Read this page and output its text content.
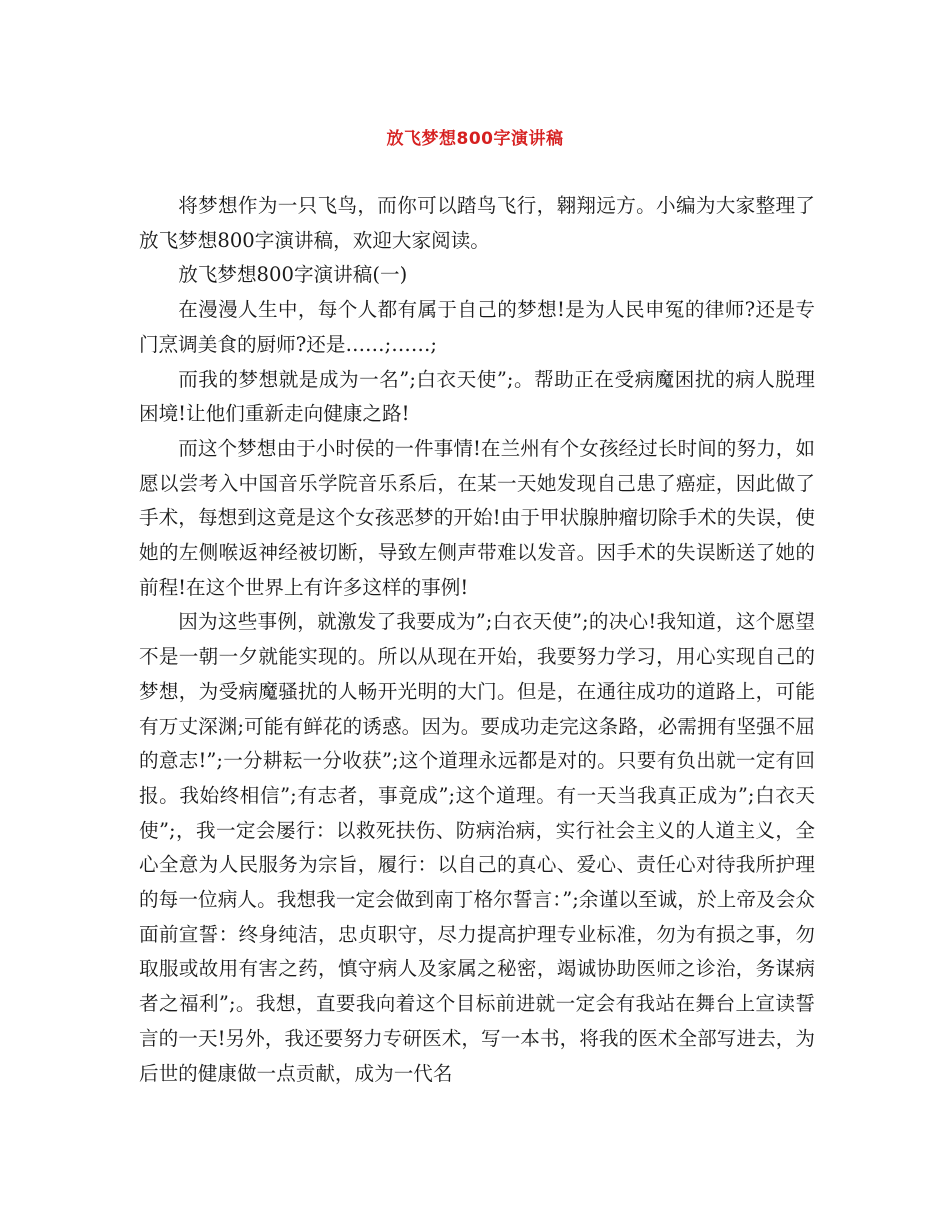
放飞梦想800字演讲稿

将梦想作为一只飞鸟，而你可以踏鸟飞行，翱翔远方。小编为大家整理了放飞梦想800字演讲稿，欢迎大家阅读。

放飞梦想800字演讲稿(一)

在漫漫人生中，每个人都有属于自己的梦想!是为人民申冤的律师?还是专门烹调美食的厨师?还是……;……;

而我的梦想就是成为一名”;白衣天使”;。帮助正在受病魔困扰的病人脱理困境!让他们重新走向健康之路!

而这个梦想由于小时侯的一件事情!在兰州有个女孩经过长时间的努力，如愿以尝考入中国音乐学院音乐系后，在某一天她发现自己患了癌症，因此做了手术，每想到这竟是这个女孩恶梦的开始!由于甲状腺肿瘤切除手术的失误，使她的左侧喉返神经被切断，导致左侧声带难以发音。因手术的失误断送了她的前程!在这个世界上有许多这样的事例!

因为这些事例，就激发了我要成为”;白衣天使”;的决心!我知道，这个愿望不是一朝一夕就能实现的。所以从现在开始，我要努力学习，用心实现自己的梦想，为受病魔骚扰的人畅开光明的大门。但是，在通往成功的道路上，可能有万丈深渊;可能有鲜花的诱惑。因为。要成功走完这条路，必需拥有坚强不屈的意志!”;一分耕耘一分收获”;这个道理永远都是对的。只要有负出就一定有回报。我始终相信”;有志者，事竟成”;这个道理。有一天当我真正成为”;白衣天使”;，我一定会屡行：以救死扶伤、防病治病，实行社会主义的人道主义，全心全意为人民服务为宗旨，履行：以自己的真心、爱心、责任心对待我所护理的每一位病人。我想我一定会做到南丁格尔誓言：”;余谨以至诚，於上帝及会众面前宣誓：终身纯洁，忠贞职守，尽力提高护理专业标准，勿为有损之事，勿取服或故用有害之药，慎守病人及家属之秘密，竭诚协助医师之诊治，务谋病者之福利”;。我想，直要我向着这个目标前进就一定会有我站在舞台上宣读誓言的一天!另外，我还要努力专研医术，写一本书，将我的医术全部写进去，为后世的健康做一点贡献，成为一代名
